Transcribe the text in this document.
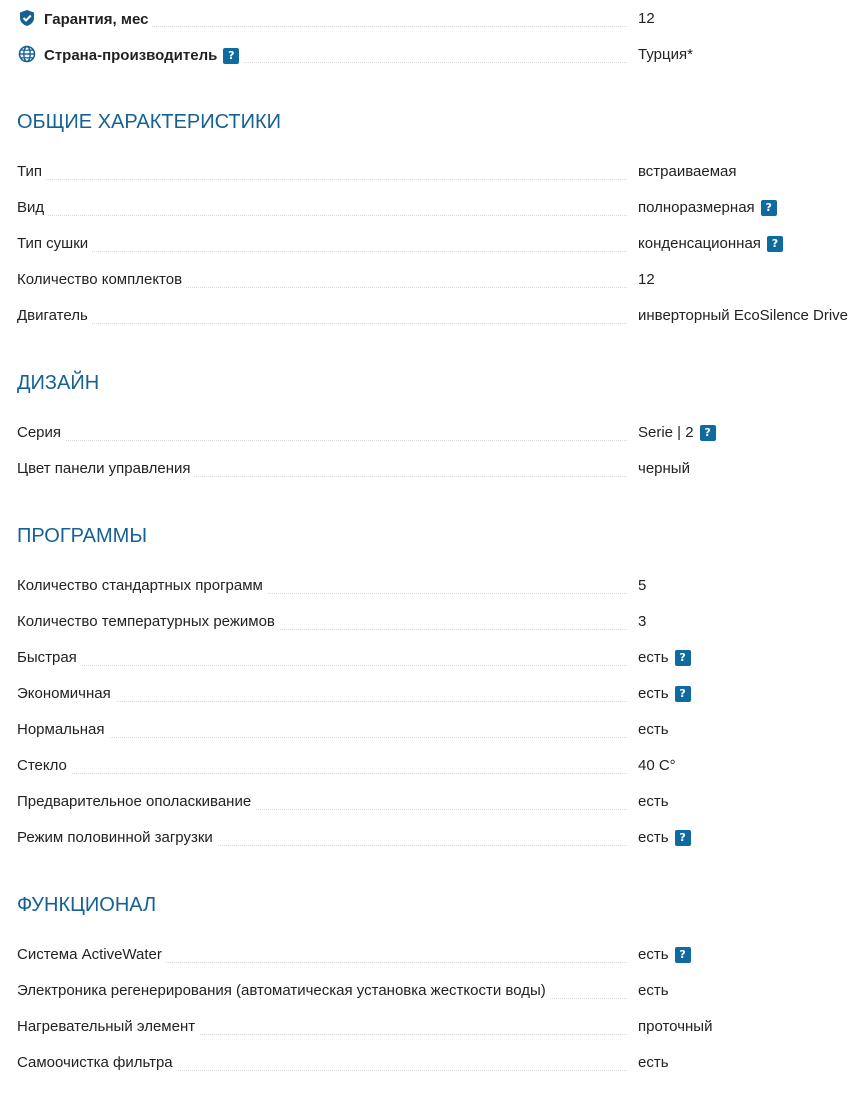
Гарантия, мес	12
Страна-производитель ?	Турция*
ОБЩИЕ ХАРАКТЕРИСТИКИ
Тип	встраиваемая
Вид	полноразмерная ?
Тип сушки	конденсационная ?
Количество комплектов	12
Двигатель	инверторный EcoSilence Drive
ДИЗАЙН
Серия	Serie | 2 ?
Цвет панели управления	черный
ПРОГРАММЫ
Количество стандартных программ	5
Количество температурных режимов	3
Быстрая	есть ?
Экономичная	есть ?
Нормальная	есть
Стекло	40 С°
Предварительное ополаскивание	есть
Режим половинной загрузки	есть ?
ФУНКЦИОНАЛ
Система ActiveWater	есть ?
Электроника регенерирования (автоматическая установка жесткости воды)	есть
Нагревательный элемент	проточный
Самоочистка фильтра	есть
